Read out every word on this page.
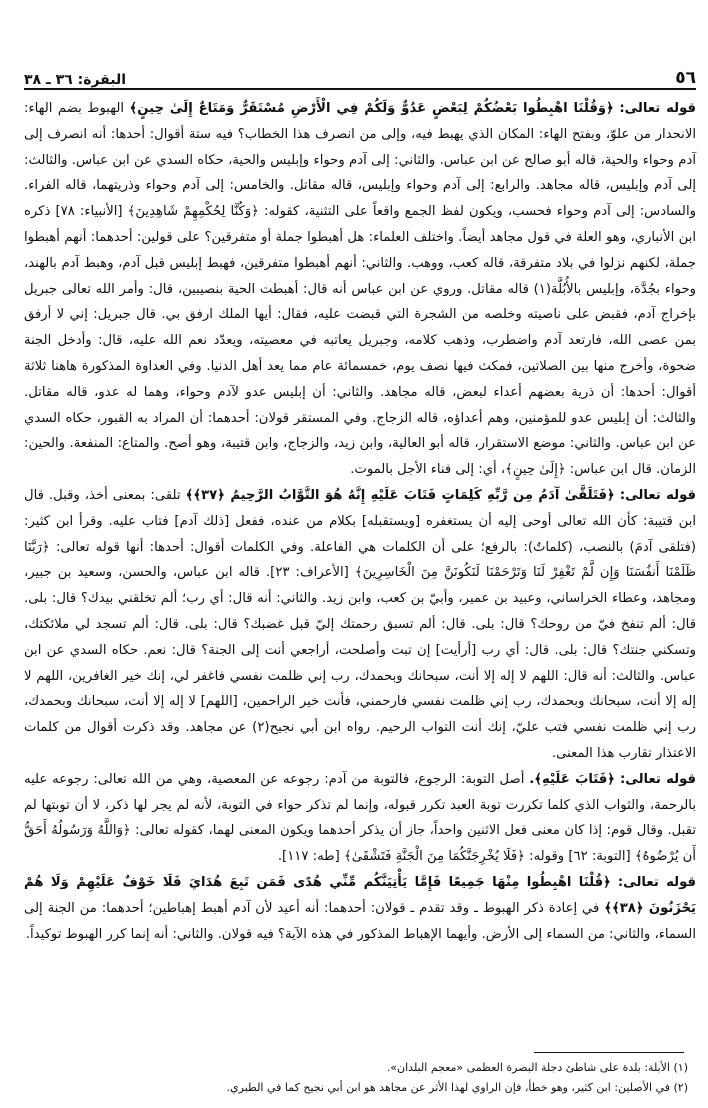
٥٦
البقرة: ٣٦ ـ ٣٨

قوله تعالى: ﴿وَقُلْنَا اهْبِطُوا بَعْضُكُمْ لِبَعْضٍ عَدُوٌّ وَلَكُمْ فِي الْأَرْضِ مُسْتَقَرٌّ وَمَتَاعٌ إِلَىٰ حِينٍ﴾ الهبوط بضم الهاء: الانحدار من علوّ، وبفتح الهاء: المكان الذي يهبط فيه، وإلى من انصرف هذا الخطاب؟ فيه ستة أقوال: أحدها: أنه انصرف إلى آدم وحواء والحية، قاله أبو صالح عن ابن عباس. والثاني: إلى آدم وحواء وإبليس والحية، حكاه السدي عن ابن عباس. والثالث: إلى آدم وإبليس، قاله مجاهد. والرابع: إلى آدم وحواء وإبليس، قاله مقاتل. والخامس: إلى آدم وحواء وذريتهما، قاله الفراء. والسادس: إلى آدم وحواء فحسب، ويكون لفظ الجمع واقعاً على التثنية، كقوله: ﴿وَكُنَّا لِحُكْمِهِمْ شَاهِدِينَ﴾ [الأنبياء: ٧٨] ذكره ابن الأنباري، وهو العلة في قول مجاهد أيضاً. واختلف العلماء: هل أهبطوا جملة أو متفرقين؟ على قولين: أحدهما: أنهم أهبطوا جملة، لكنهم نزلوا في بلاد متفرقة، قاله كعب، ووهب. والثاني: أنهم أهبطوا متفرقين، فهبط إبليس قبل آدم، وهبط آدم بالهند، وحواء بجُدَّة، وإبليس بالأُبُلَّة(١) قاله مقاتل. وروي عن ابن عباس أنه قال: أهبطت الحية بنصيبين، قال: وأمر الله تعالى جبريل بإخراج آدم، فقبض على ناصيته وخلصه من الشجرة التي قبضت عليه، فقال: أيها الملك ارفق بي. قال جبريل: إني لا أرفق بمن عصى الله، فارتعد آدم واضطرب، وذهب كلامه، وجبريل يعاتبه في معصيته، ويعدّد نعم الله عليه، قال: وأدخل الجنة ضحوة، وأخرج منها بين الصلاتين، فمكث فيها نصف يوم، خمسمائة عام مما يعد أهل الدنيا. وفي العداوة المذكورة هاهنا ثلاثة أقوال: أحدها: أن ذرية بعضهم أعداء لبعض، قاله مجاهد. والثاني: أن إبليس عدو لآدم وحواء، وهما له عدو، قاله مقاتل. والثالث: أن إبليس عدو للمؤمنين، وهم أعداؤه، قاله الزجاج. وفي المستقر قولان: أحدهما: أن المراد به القبور، حكاه السدي عن ابن عباس. والثاني: موضع الاستقرار، قاله أبو العالية، وابن زيد، والزجاج، وابن قتيبة، وهو أصح. والمتاع: المنفعة. والحين: الزمان. قال ابن عباس: ﴿إِلَىٰ حِينٍ﴾، أي: إلى فناء الأجل بالموت.

قوله تعالى: ﴿فَتَلَقَّىٰ آدَمُ مِن رَّبِّهِ كَلِمَاتٍ فَتَابَ عَلَيْهِ إِنَّهُ هُوَ التَّوَّابُ الرَّحِيمُ ﴿٣٧﴾﴾ تلقى: بمعنى أخذ، وقبل. قال ابن قتيبة: كأن الله تعالى أوحى إليه أن يستغفره [ويستقبله] بكلام من عنده، ففعل [ذلك آدم] فتاب عليه. وقرأ ابن كثير: (فتلقى آدمَ) بالنصب، (كلماتٌ): بالرفع؛ على أن الكلمات هي الفاعلة. وفي الكلمات أقوال: أحدها: أنها قوله تعالى: ﴿رَبَّنَا ظَلَمْنَا أَنفُسَنَا وَإِن لَّمْ تَغْفِرْ لَنَا وَتَرْحَمْنَا لَنَكُونَنَّ مِنَ الْخَاسِرِينَ﴾ [الأعراف: ٢٣]. قاله ابن عباس، والحسن، وسعيد بن جبير، ومجاهد، وعطاء الخراساني، وعبيد بن عمير، وأبيّ بن كعب، وابن زيد. والثاني: أنه قال: أي رب؛ ألم تخلقني بيدك؟ قال: بلى. قال: ألم تنفخ فيّ من روحك؟ قال: بلى. قال: ألم تسبق رحمتك إليّ قبل غضبك؟ قال: بلى. قال: ألم تسجد لي ملائكتك، وتسكني جنتك؟ قال: بلى. قال: أي رب [أرأيت] إن تبت وأصلحت، أراجعي أنت إلى الجنة؟ قال: نعم. حكاه السدي عن ابن عباس. والثالث: أنه قال: اللهم لا إله إلا أنت، سبحانك وبحمدك، رب إني ظلمت نفسي فاغفر لي، إنك خير الغافرين، اللهم لا إله إلا أنت، سبحانك وبحمدك، رب إني ظلمت نفسي فارحمني، فأنت خير الراحمين، [اللهم] لا إله إلا أنت، سبحانك وبحمدك، رب إني ظلمت نفسي فتب عليّ، إنك أنت التواب الرحيم. رواه ابن أبي نجيح(٢) عن مجاهد. وقد ذكرت أقوال من كلمات الاعتذار تقارب هذا المعنى.

قوله تعالى: ﴿فَتَابَ عَلَيْهِ﴾. أصل التوبة: الرجوع، فالتوبة من آدم: رجوعه عن المعصية، وهي من الله تعالى: رجوعه عليه بالرحمة، والثواب الذي كلما تكررت توبة العبد تكرر قبوله، وإنما لم تذكر حواء في التوبة، لأنه لم يجر لها ذكر، لا أن توبتها لم تقبل. وقال قوم: إذا كان معنى فعل الاثنين واحداً، جاز أن يذكر أحدهما ويكون المعنى لهما، كقوله تعالى: ﴿وَاللَّهُ وَرَسُولُهُ أَحَقُّ أَن يُرْضُوهُ﴾ [التوبة: ٦٢] وقوله: ﴿فَلَا يُخْرِجَنَّكُمَا مِنَ الْجَنَّةِ فَتَشْقَىٰ﴾ [طه: ١١٧].

قوله تعالى: ﴿قُلْنَا اهْبِطُوا مِنْهَا جَمِيعًا فَإِمَّا يَأْتِيَنَّكُم مِّنِّي هُدًى فَمَن تَبِعَ هُدَايَ فَلَا خَوْفٌ عَلَيْهِمْ وَلَا هُمْ يَحْزَنُونَ ﴿٣٨﴾﴾ في إعادة ذكر الهبوط ـ وقد تقدم ـ قولان: أحدهما: أنه أعيد لأن آدم أهبط إهباطين؛ أحدهما: من الجنة إلى السماء، والثاني: من السماء إلى الأرض. وأيهما الإهباط المذكور في هذه الآية؟ فيه قولان. والثاني: أنه إنما كرر الهبوط توكيداً.

(١) الأبلة: بلدة على شاطئ دجلة البصرة العظمى «معجم البلدان».
(٢) في الأصلين: ابن كثير، وهو خطأ، فإن الراوي لهذا الأثر عن مجاهد هو ابن أبي نجيح كما في الطبري.
